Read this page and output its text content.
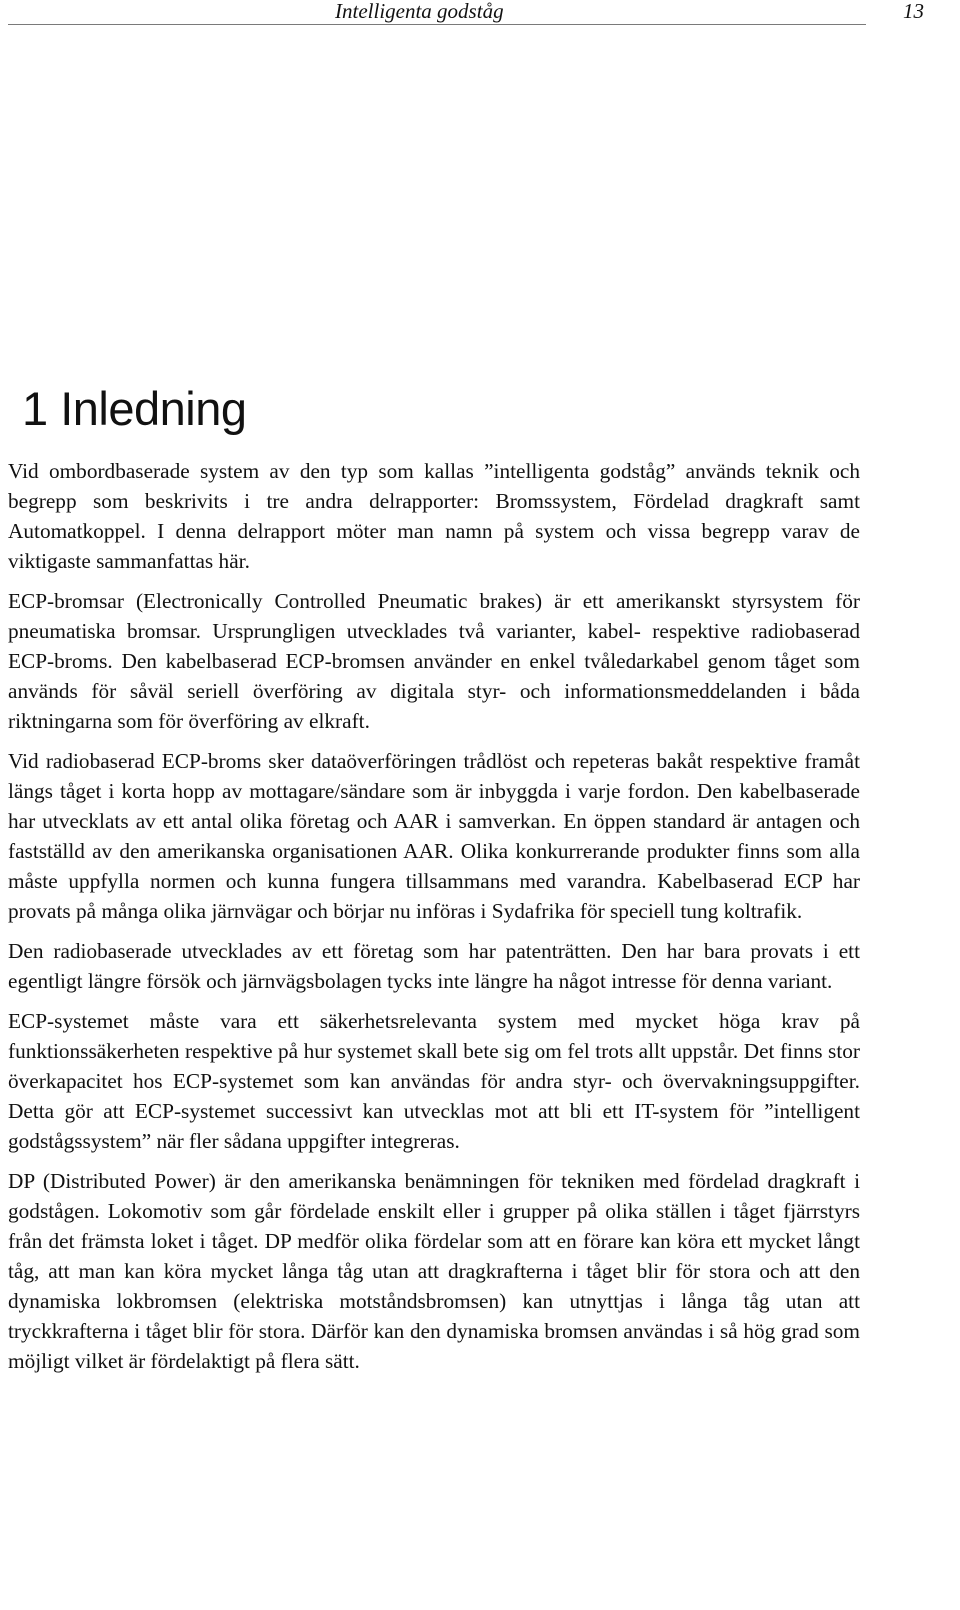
Intelligenta godståg	13
1 Inledning

Vid ombordbaserade system av den typ som kallas ”intelligenta godståg” används teknik och begrepp som beskrivits i tre andra delrapporter: Bromssystem, Fördelad dragkraft samt Automatkoppel. I denna delrapport möter man namn på system och vissa begrepp varav de viktigaste sammanfattas här.

ECP-bromsar (Electronically Controlled Pneumatic brakes) är ett amerikanskt styrsystem för pneumatiska bromsar. Ursprungligen utvecklades två varianter, kabel- respektive radiobaserad ECP-broms. Den kabelbaserad ECP-bromsen använder en enkel tvåledarkabel genom tåget som används för såväl seriell överföring av digitala styr- och informationsmeddelanden i båda riktningarna som för överföring av elkraft.

Vid radiobaserad ECP-broms sker dataöverföringen trådlöst och repeteras bakåt respektive framåt längs tåget i korta hopp av mottagare/sändare som är inbyggda i varje fordon. Den kabelbaserade har utvecklats av ett antal olika företag och AAR i samverkan. En öppen standard är antagen och fastställd av den amerikanska organisationen AAR. Olika konkurrerande produkter finns som alla måste uppfylla normen och kunna fungera tillsammans med varandra. Kabelbaserad ECP har provats på många olika järnvägar och börjar nu införas i Sydafrika för speciell tung koltrafik.

Den radiobaserade utvecklades av ett företag som har patenträtten. Den har bara provats i ett egentligt längre försök och järnvägsbolagen tycks inte längre ha något intresse för denna variant.

ECP-systemet måste vara ett säkerhetsrelevanta system med mycket höga krav på funktionssäkerheten respektive på hur systemet skall bete sig om fel trots allt uppstår. Det finns stor överkapacitet hos ECP-systemet som kan användas för andra styr- och övervakningsuppgifter. Detta gör att ECP-systemet successivt kan utvecklas mot att bli ett IT-system för ”intelligent godstågssystem” när fler sådana uppgifter integreras.

DP (Distributed Power) är den amerikanska benämningen för tekniken med fördelad dragkraft i godstågen. Lokomotiv som går fördelade enskilt eller i grupper på olika ställen i tåget fjärrstyrs från det främsta loket i tåget. DP medför olika fördelar som att en förare kan köra ett mycket långt tåg, att man kan köra mycket långa tåg utan att dragkrafterna i tåget blir för stora och att den dynamiska lokbromsen (elektriska motståndsbromsen) kan utnyttjas i långa tåg utan att tryckkrafterna i tåget blir för stora. Därför kan den dynamiska bromsen användas i så hög grad som möjligt vilket är fördelaktigt på flera sätt.
